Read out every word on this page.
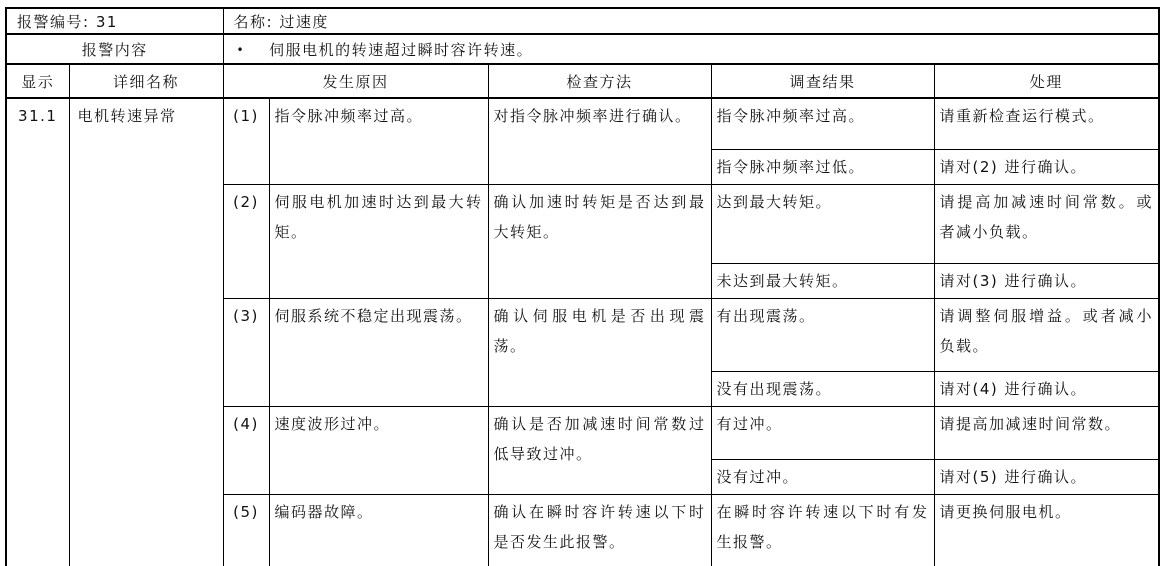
报警编号: 31		名称: 过速度				
报警内容		• 伺服电机的转速超过瞬时容许转速。				
显示	详细名称	发生原因		检查方法	调查结果	处理
31.1	电机转速异常	(1)	指令脉冲频率过高。	对指令脉冲频率进行确认。	指令脉冲频率过高。	请重新检查运行模式。
					指令脉冲频率过低。	请对(2) 进行确认。
		(2)	伺服电机加速时达到最大转矩。	确认加速时转矩是否达到最大转矩。	达到最大转矩。	请提高加减速时间常数。或者减小负载。
					未达到最大转矩。	请对(3) 进行确认。
		(3)	伺服系统不稳定出现震荡。	确认伺服电机是否出现震荡。	有出现震荡。	请调整伺服增益。或者减小负载。
					没有出现震荡。	请对(4) 进行确认。
		(4)	速度波形过冲。	确认是否加减速时间常数过低导致过冲。	有过冲。	请提高加减速时间常数。
					没有过冲。	请对(5) 进行确认。
		(5)	编码器故障。	确认在瞬时容许转速以下时是否发生此报警。	在瞬时容许转速以下时有发生报警。	请更换伺服电机。
